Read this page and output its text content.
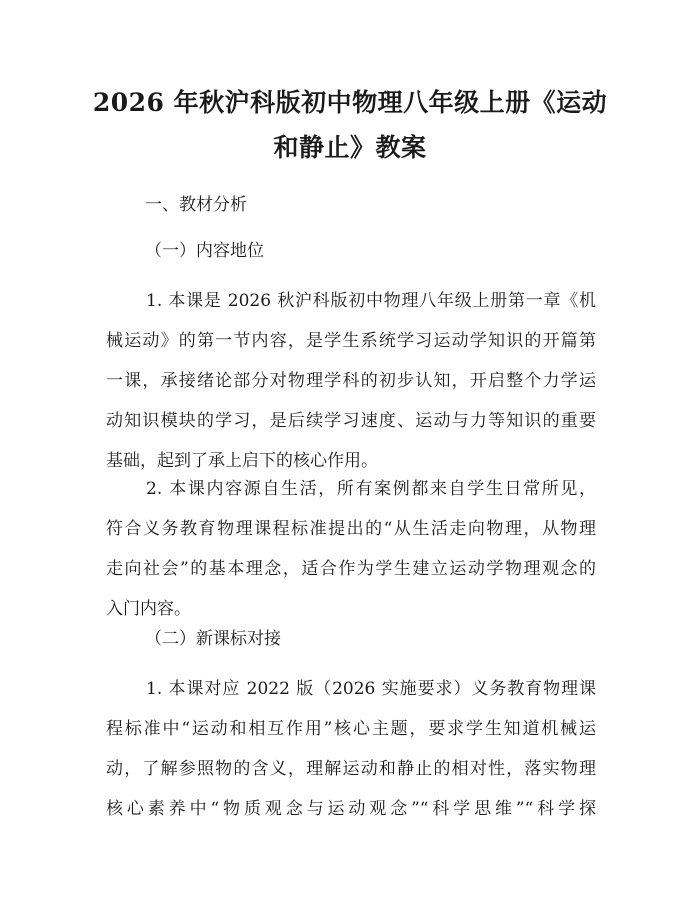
2026 年秋沪科版初中物理八年级上册《运动
和静止》教案
一、教材分析
（一）内容地位
1. 本课是 2026 秋沪科版初中物理八年级上册第一章《机
械运动》的第一节内容，是学生系统学习运动学知识的开篇第
一课，承接绪论部分对物理学科的初步认知，开启整个力学运
动知识模块的学习，是后续学习速度、运动与力等知识的重要
基础，起到了承上启下的核心作用。
2. 本课内容源自生活，所有案例都来自学生日常所见，
符合义务教育物理课程标准提出的“从生活走向物理，从物理
走向社会”的基本理念，适合作为学生建立运动学物理观念的
入门内容。
（二）新课标对接
1. 本课对应 2022 版（2026 实施要求）义务教育物理课
程标准中“运动和相互作用”核心主题，要求学生知道机械运
动，了解参照物的含义，理解运动和静止的相对性，落实物理
核心素养中“物质观念与运动观念”“科学思维”“科学探
